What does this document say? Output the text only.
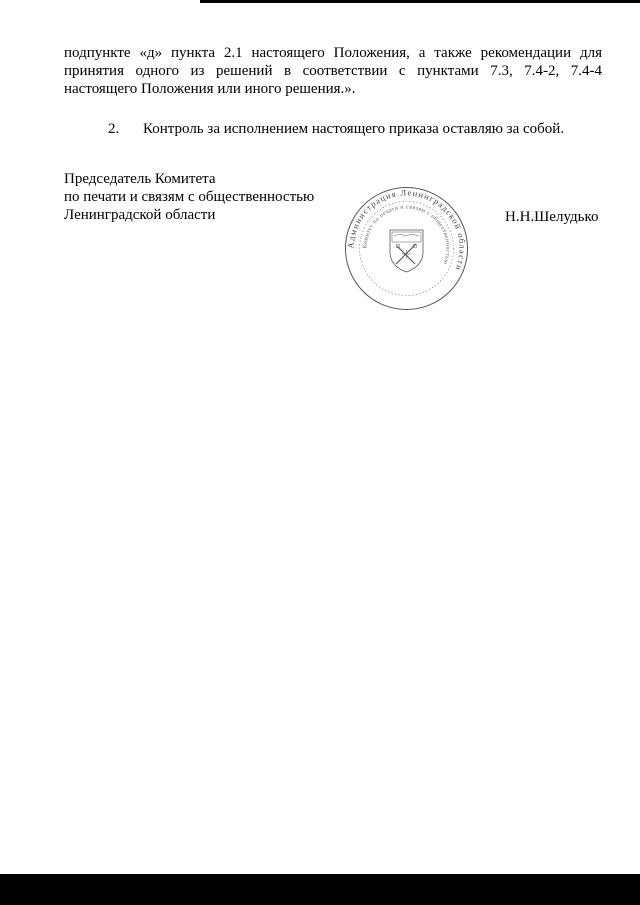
подпункте «д» пункта 2.1 настоящего Положения, а также рекомендации для
принятия одного из решений в соответствии с пунктами 7.3, 7.4-2, 7.4-4
настоящего Положения или иного решения.».
2. Контроль за исполнением настоящего приказа оставляю за собой.
Председатель Комитета
по печати и связям с общественностью
Ленинградской области
Администрация Ленинградской области
Комитет по печати и связям с общественностью
Н.Н.Шелудько
